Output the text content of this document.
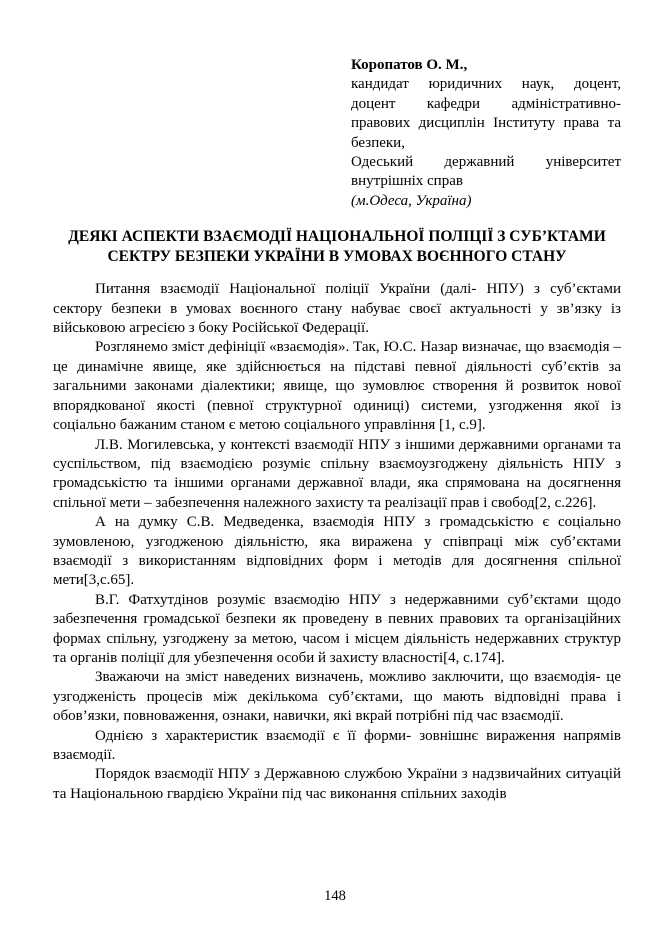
Коропатов О. М.,
кандидат юридичних наук, доцент, доцент кафедри адміністративно-правових дисциплін Інституту права та безпеки,
Одеський державний університет внутрішніх справ
(м.Одеса, Україна)
ДЕЯКІ АСПЕКТИ ВЗАЄМОДІЇ НАЦІОНАЛЬНОЇ ПОЛІЦІЇ З СУБ’КТАМИ СЕКТРУ БЕЗПЕКИ УКРАЇНИ В УМОВАХ ВОЄННОГО СТАНУ

Питання взаємодії Національної поліції України (далі- НПУ) з суб’єктами сектору безпеки в умовах воєнного стану набуває своєї актуальності у зв’язку із військовою агресією з боку Російської Федерації.

Розглянемо зміст дефініції «взаємодія». Так, Ю.С. Назар визначає, що взаємодія – це динамічне явище, яке здійснюється на підставі певної діяльності суб’єктів за загальними законами діалектики; явище, що зумовлює створення й розвиток нової впорядкованої якості (певної структурної одиниці) системи, узгодження якої із соціально бажаним станом є метою соціального управління [1, с.9].

Л.В. Могилевська, у контексті взаємодії НПУ з іншими державними органами та суспільством, під взаємодією розуміє спільну взаємоузгоджену діяльність НПУ з громадськістю та іншими органами державної влади, яка спрямована на досягнення спільної мети – забезпечення належного захисту та реалізації прав і свобод[2, с.226].

А на думку С.В. Медведенка, взаємодія НПУ з громадськістю є соціально зумовленою, узгодженою діяльністю, яка виражена у співпраці між суб’єктами взаємодії з використанням відповідних форм і методів для досягнення спільної мети[3,с.65].

В.Г. Фатхутдінов розуміє взаємодію НПУ з недержавними суб’єктами щодо забезпечення громадської безпеки як проведену в певних правових та організаційних формах спільну, узгоджену за метою, часом і місцем діяльність недержавних структур та органів поліції для убезпечення особи й захисту власності[4, с.174].

Зважаючи на зміст наведених визначень, можливо заключити, що взаємодія- це узгодженість процесів між декількома суб’єктами, що мають відповідні права і обов’язки, повноваження, ознаки, навички, які вкрай потрібні під час взаємодії.

Однією з характеристик взаємодії є її форми- зовнішнє вираження напрямів взаємодії.

Порядок взаємодії НПУ з Державною службою України з надзвичайних ситуацій та Національною гвардією України під час виконання спільних заходів

148
